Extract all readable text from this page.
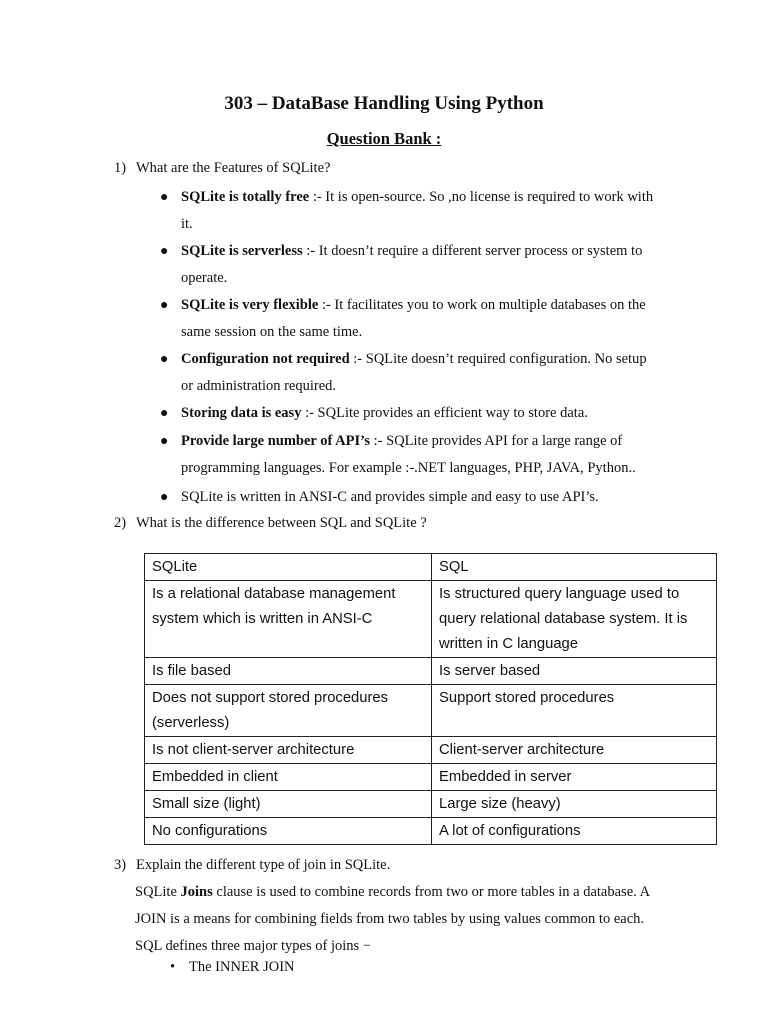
303 – DataBase Handling Using Python
Question Bank :
1) What are the Features of SQLite?
● SQLite is totally free :- It is open-source. So ,no license is required to work with
it.
● SQLite is serverless :- It doesn’t require a different server process or system to
operate.
● SQLite is very flexible :- It facilitates you to work on multiple databases on the
same session on the same time.
● Configuration not required :- SQLite doesn’t required configuration. No setup
or administration required.
● Storing data is easy :- SQLite provides an efficient way to store data.
● Provide large number of API’s :- SQLite provides API for a large range of
programming languages. For example :-.NET languages, PHP, JAVA, Python..
● SQLite is written in ANSI-C and provides simple and easy to use API’s.
2) What is the difference between SQL and SQLite ?
SQLite	SQL
Is a relational database management system which is written in ANSI-C	Is structured query language used to query relational database system. It is written in C language
Is file based	Is server based
Does not support stored procedures (serverless)	Support stored procedures
Is not client-server architecture	Client-server architecture
Embedded in client	Embedded in server
Small size (light)	Large size (heavy)
No configurations	A lot of configurations
3) Explain the different type of join in SQLite.
SQLite Joins clause is used to combine records from two or more tables in a database. A
JOIN is a means for combining fields from two tables by using values common to each.
SQL defines three major types of joins −
• The INNER JOIN
